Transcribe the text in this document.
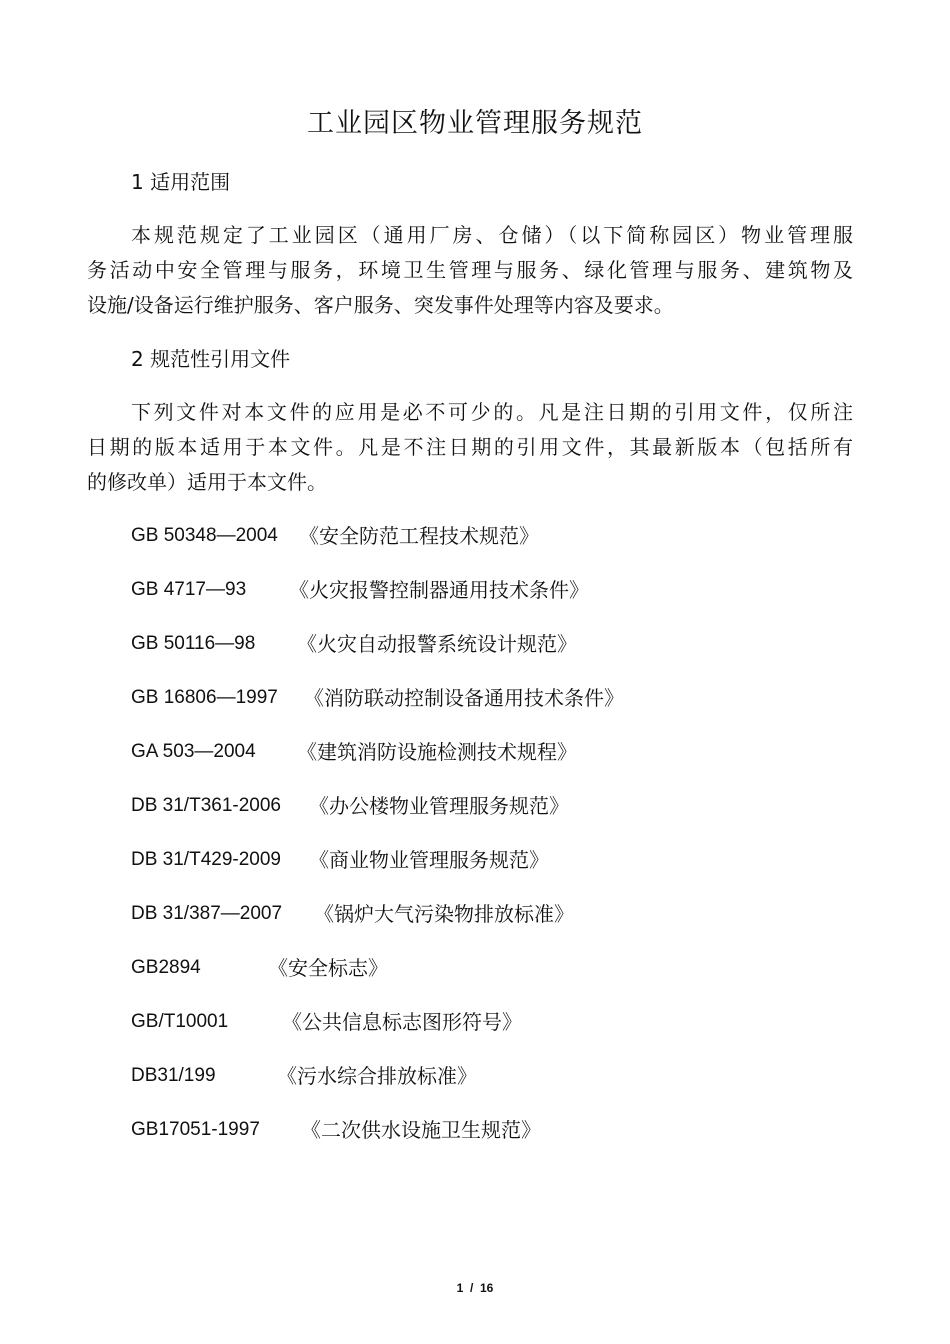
工业园区物业管理服务规范
1 适用范围
本规范规定了工业园区（通用厂房、仓储）（以下简称园区）物业管理服
务活动中安全管理与服务，环境卫生管理与服务、绿化管理与服务、建筑物及
设施/设备运行维护服务、客户服务、突发事件处理等内容及要求。
2 规范性引用文件
下列文件对本文件的应用是必不可少的。凡是注日期的引用文件，仅所注
日期的版本适用于本文件。凡是不注日期的引用文件，其最新版本（包括所有
的修改单）适用于本文件。
GB 50348—2004 《安全防范工程技术规范》
GB 4717—93 《火灾报警控制器通用技术条件》
GB 50116—98 《火灾自动报警系统设计规范》
GB 16806—1997 《消防联动控制设备通用技术条件》
GA 503—2004 《建筑消防设施检测技术规程》
DB 31/T361-2006 《办公楼物业管理服务规范》
DB 31/T429-2009 《商业物业管理服务规范》
DB 31/387—2007 《锅炉大气污染物排放标准》
GB2894	《安全标志》
GB/T10001	《公共信息标志图形符号》
DB31/199	《污水综合排放标准》
GB17051-1997 《二次供水设施卫生规范》
1  /  16
